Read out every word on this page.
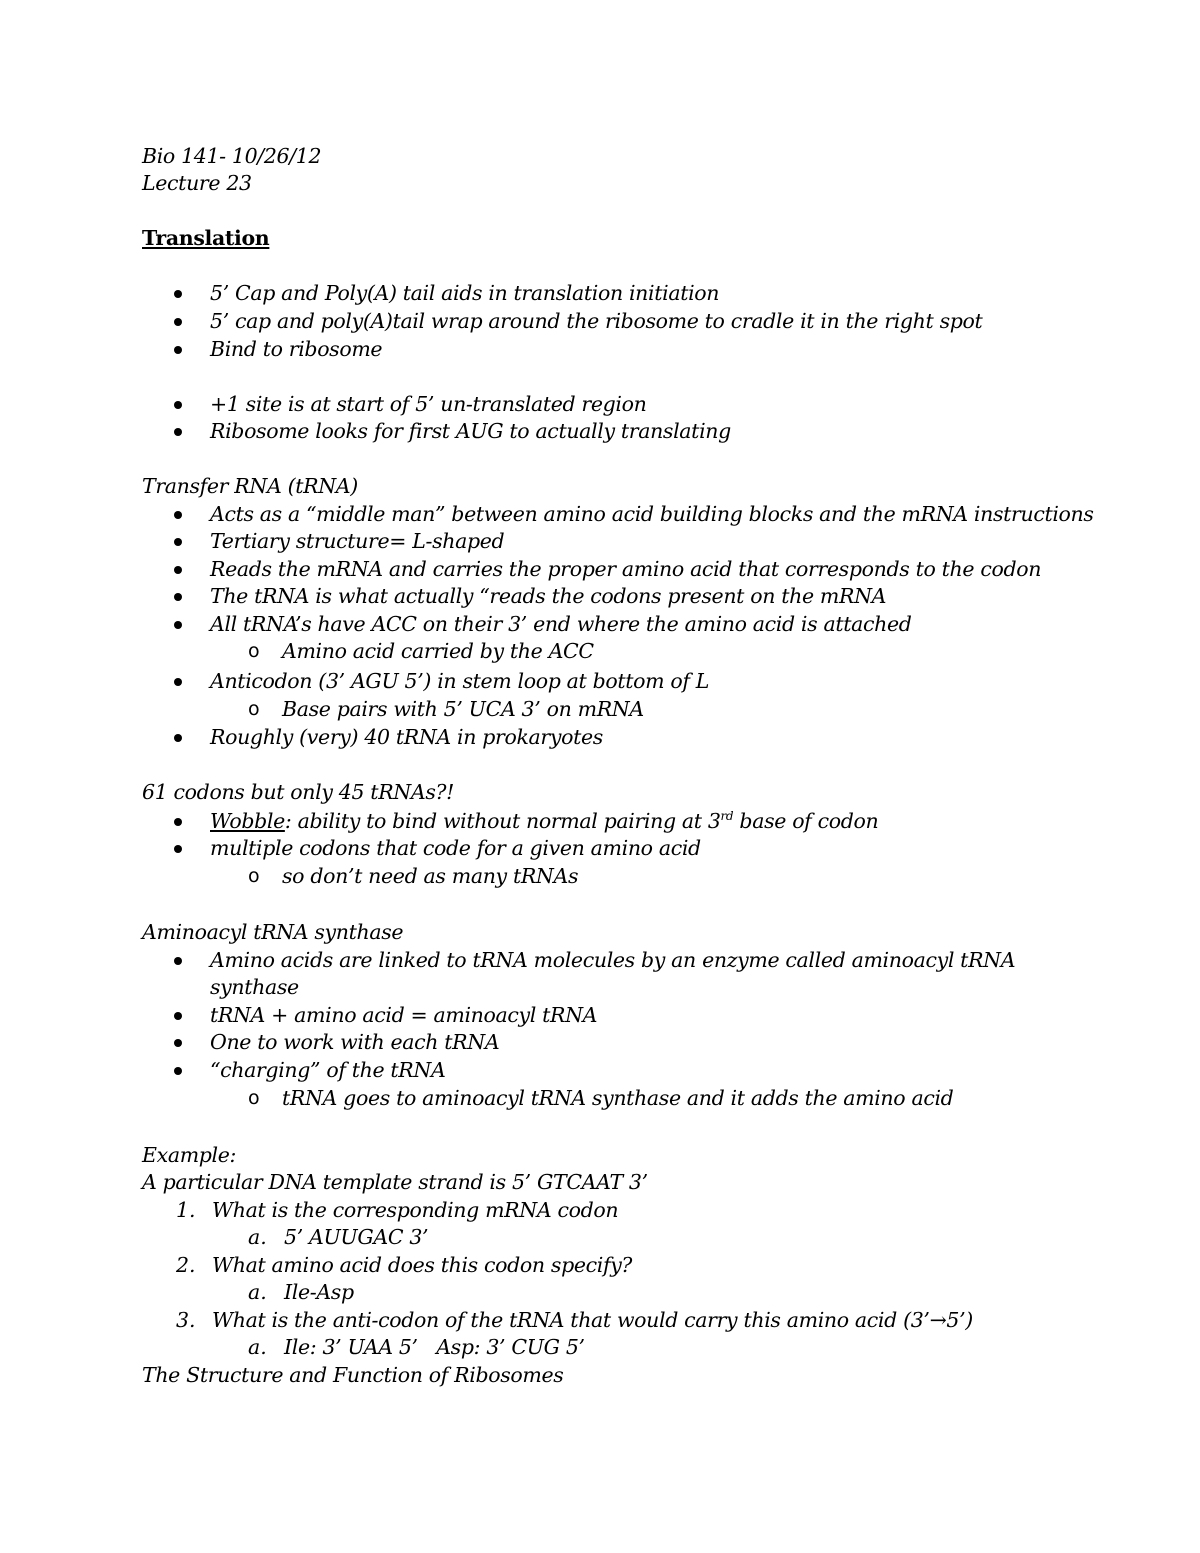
Bio 141- 10/26/12
Lecture 23
Translation
5’ Cap and Poly(A) tail aids in translation initiation
5’ cap and poly(A)tail wrap around the ribosome to cradle it in the right spot
Bind to ribosome
+1 site is at start of 5’ un-translated region
Ribosome looks for first AUG to actually translating
Transfer RNA (tRNA)
Acts as a “middle man” between amino acid building blocks and the mRNA instructions
Tertiary structure= L-shaped
Reads the mRNA and carries the proper amino acid that corresponds to the codon
The tRNA is what actually “reads the codons present on the mRNA
All tRNA’s have ACC on their 3’ end where the amino acid is attached
o Amino acid carried by the ACC
Anticodon (3’ AGU 5’) in stem loop at bottom of L
o Base pairs with 5’ UCA 3’ on mRNA
Roughly (very) 40 tRNA in prokaryotes
61 codons but only 45 tRNAs?!
Wobble: ability to bind without normal pairing at 3rd base of codon
multiple codons that code for a given amino acid
o so don’t need as many tRNAs
Aminoacyl tRNA synthase
Amino acids are linked to tRNA molecules by an enzyme called aminoacyl tRNA
synthase
tRNA + amino acid = aminoacyl tRNA
One to work with each tRNA
“charging” of the tRNA
o tRNA goes to aminoacyl tRNA synthase and it adds the amino acid
Example:
A particular DNA template strand is 5’ GTCAAT 3’
1. What is the corresponding mRNA codon
a. 5’ AUUGAC 3’
2. What amino acid does this codon specify?
a. Ile-Asp
3. What is the anti-codon of the tRNA that would carry this amino acid (3’→5’)
a. Ile: 3’ UAA 5’   Asp: 3’ CUG 5’
The Structure and Function of Ribosomes
